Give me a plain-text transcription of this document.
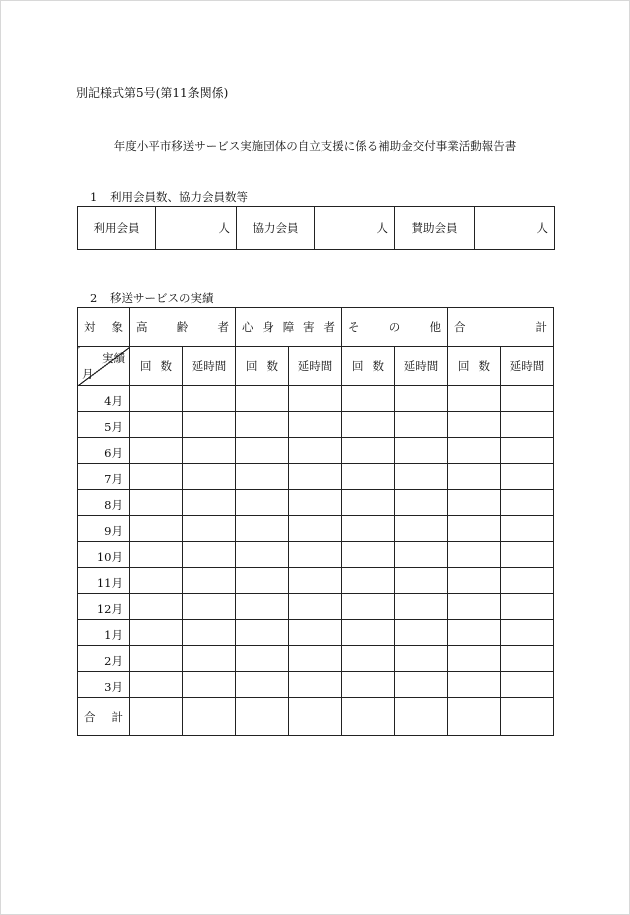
別記様式第5号(第11条関係)
年度小平市移送サービス実施団体の自立支援に係る補助金交付事業活動報告書
1 利用会員数、協力会員数等
利用会員	人	協力会員	人	賛助会員	人
2 移送サービスの実績
対 象	高 齢 者		心 身 障 害 者		そ の 他		合 計	

実績
月	回 数	延時間	回 数	延時間	回 数	延時間	回 数	延時間

4月								
5月								
6月								
7月								
8月								
9月								
10月								
11月								
12月								
1月								
2月								
3月								

合 計								
